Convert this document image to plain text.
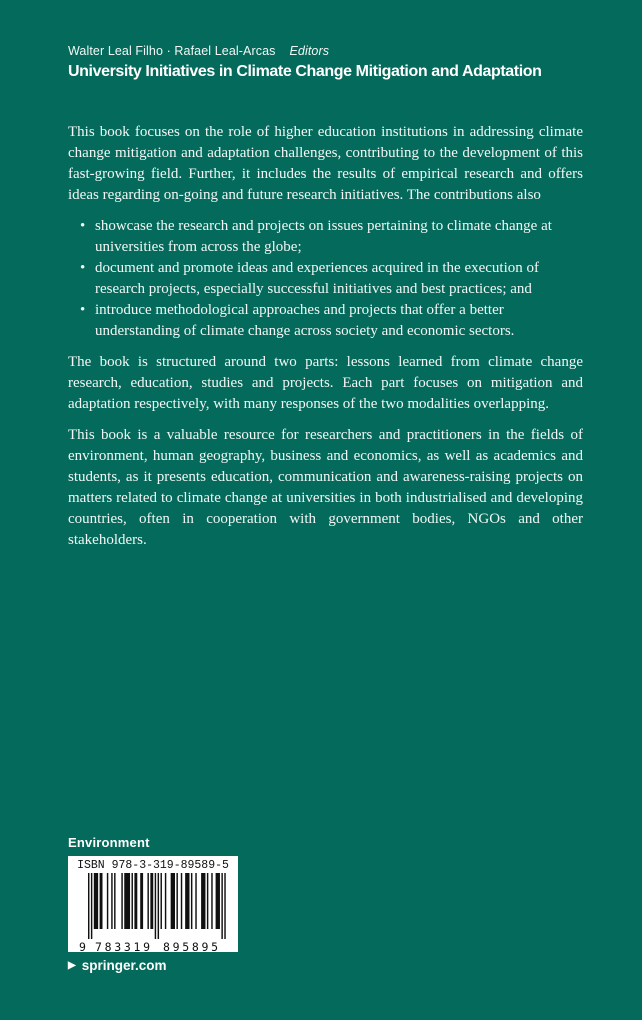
Walter Leal Filho · Rafael Leal-Arcas Editors
University Initiatives in Climate Change Mitigation and Adaptation

This book focuses on the role of higher education institutions in addressing climate change mitigation and adaptation challenges, contributing to the development of this fast-growing field. Further, it includes the results of empirical research and offers ideas regarding on-going and future research initiatives. The contributions also

• showcase the research and projects on issues pertaining to climate change at universities from across the globe;
• document and promote ideas and experiences acquired in the execution of research projects, especially successful initiatives and best practices; and
• introduce methodological approaches and projects that offer a better understanding of climate change across society and economic sectors.

The book is structured around two parts: lessons learned from climate change research, education, studies and projects. Each part focuses on mitigation and adaptation respectively, with many responses of the two modalities overlapping.

This book is a valuable resource for researchers and practitioners in the fields of environment, human geography, business and economics, as well as academics and students, as it presents education, communication and awareness-raising projects on matters related to climate change at universities in both industrialised and developing countries, often in cooperation with government bodies, NGOs and other stakeholders.

Environment
ISBN 978-3-319-89589-5
9 783319 895895
▶ springer.com
